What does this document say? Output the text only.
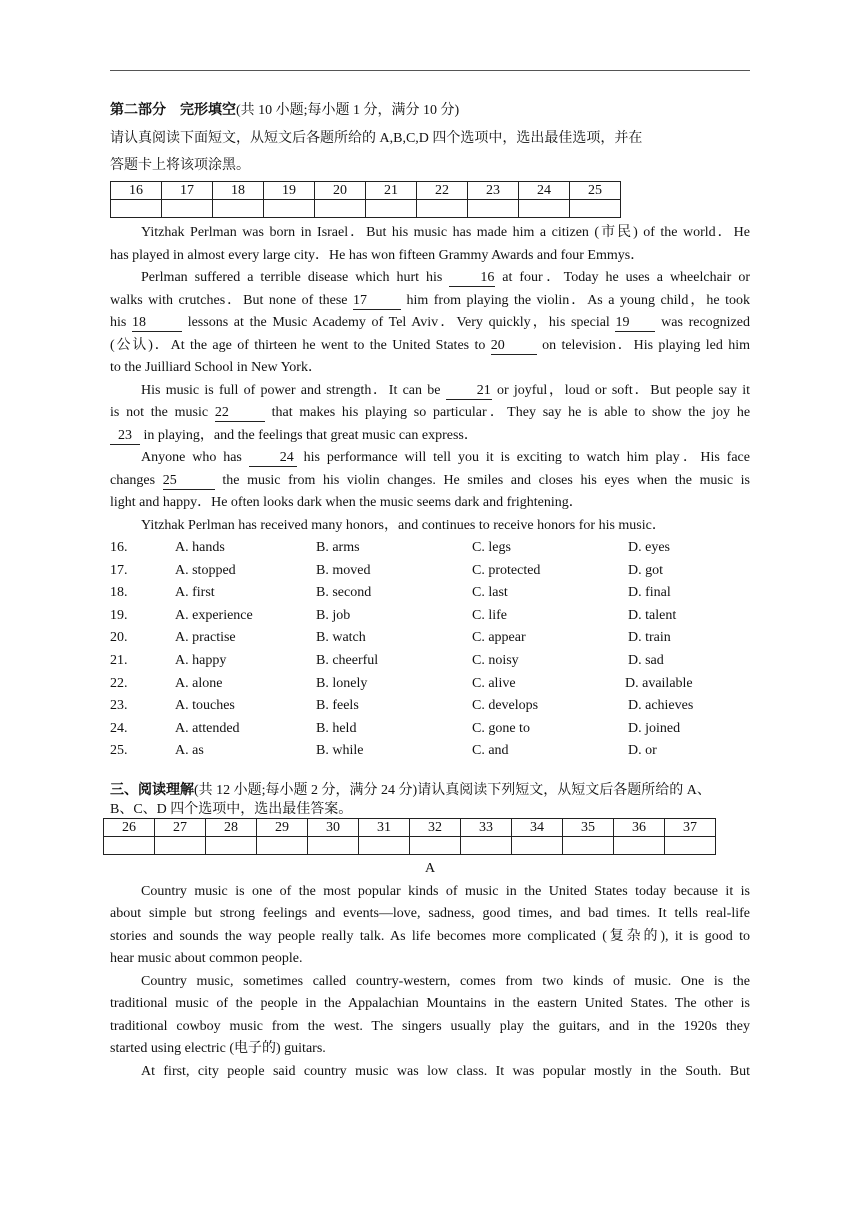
第二部分　完形填空(共 10 小题;每小题 1 分，满分 10 分)
请认真阅读下面短文，从短文后各题所给的 A,B,C,D 四个选项中，选出最佳选项，并在
答题卡上将该项涂黑。
16	17	18	19	20	21	22	23	24	25

Yitzhak Perlman was born in Israel．But his music has made him a citizen (市民) of the world．He
has played in almost every large city．He has won fifteen Grammy Awards and four Emmys．
Perlman suffered a terrible disease which hurt his	16 at four．Today he uses a wheelchair or
walks with crutches．But none of these 17	him from playing the violin．As a young child，he took
his 18	lessons at the Music Academy of Tel Aviv．Very quickly，his special 19 was recognized
(公认)．At the age of thirteen he went to the United States to 20	on television．His playing led him
to the Juilliard School in New York．
His music is full of power and strength．It can be	21 or joyful，loud or soft．But people say it
is not the music 22	that makes his playing so particular．They say he is able to show the joy he
23 in playing，and the feelings that great music can express．
Anyone who has	24 his performance will tell you it is exciting to watch him play．His face
changes 25	the music from his violin changes. He smiles and closes his eyes when the music is
light and happy．He often looks dark when the music seems dark and frightening．
Yitzhak Perlman has received many honors，and continues to receive honors for his music．
16.	A. hands	B. arms	C. legs	D. eyes
17.	A. stopped	B. moved	C. protected	D. got
18.	A. first	B. second	C. last	D. final
19.	A. experience	B. job	C. life	D. talent
20.	A. practise	B. watch	C. appear	D. train
21.	A. happy	B. cheerful	C. noisy	D. sad
22.	A. alone	B. lonely	C. alive	D. available
23.	A. touches	B. feels	C. develops	D. achieves
24.	A. attended	B. held	C. gone to	D. joined
25.	A. as	B. while	C. and	D. or
三、阅读理解(共 12 小题;每小题 2 分，满分 24 分)请认真阅读下列短文，从短文后各题所给的 A、
B、C、D 四个选项中，选出最佳答案。
26	27	28	29	30	31	32	33	34	35	36	37

A
Country music is one of the most popular kinds of music in the United States today because it is
about simple but strong feelings and events—love, sadness, good times, and bad times. It tells real-life
stories and sounds the way people really talk. As life becomes more complicated (复杂的), it is good to
hear music about common people.
Country music, sometimes called country-western, comes from two kinds of music. One is the
traditional music of the people in the Appalachian Mountains in the eastern United States. The other is
traditional cowboy music from the west. The singers usually play the guitars, and in the 1920s they
started using electric (电子的) guitars.
At first, city people said country music was low class. It was popular mostly in the South. But
